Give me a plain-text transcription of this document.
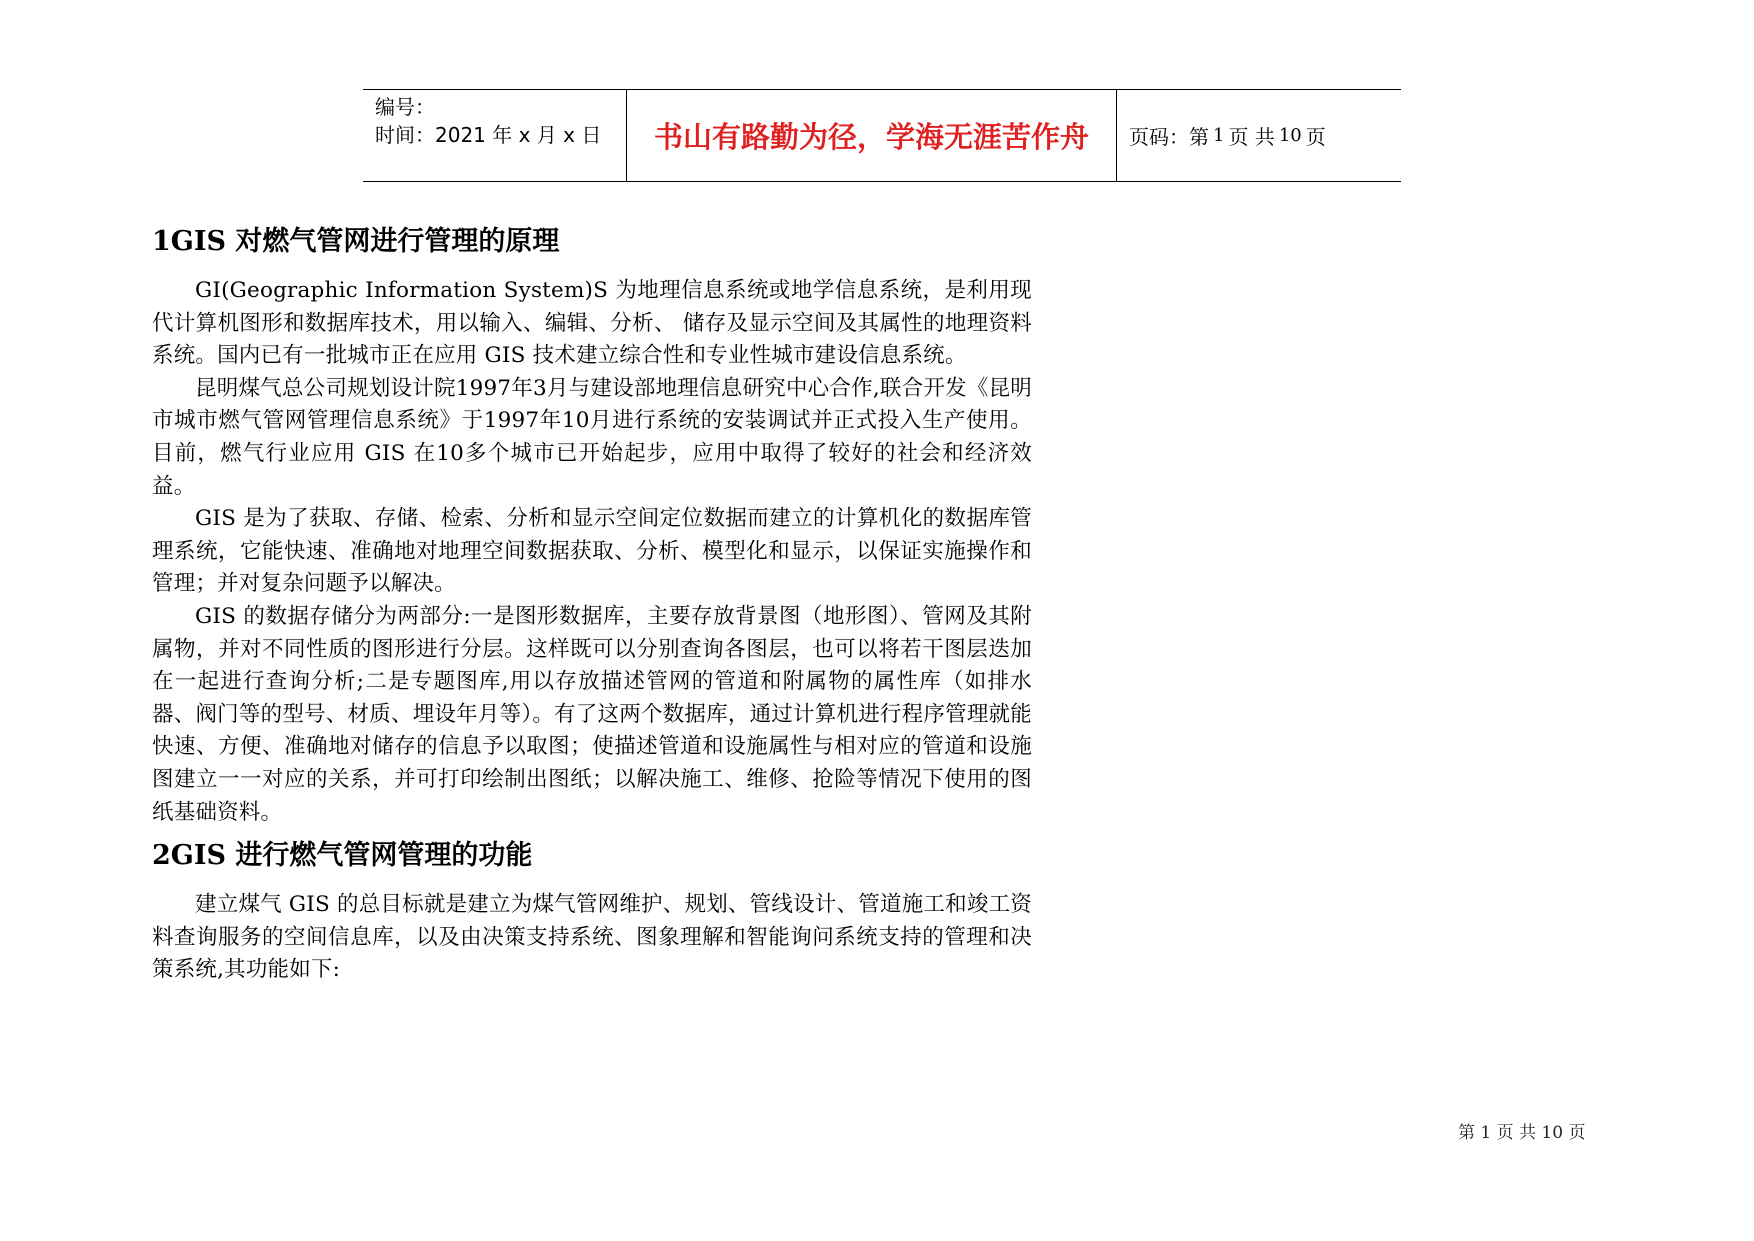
编号：
时间：2021 年 x 月 x 日	书山有路勤为径，学海无涯苦作舟 页码：第 1 页 共 10 页
1GIS 对燃气管网进行管理的原理

GI(Geographic Information System)S 为地理信息系统或地学信息系统，是利用现代计算机图形和数据库技术，用以输入、编辑、分析、 储存及显示空间及其属性的地理资料系统。国内已有一批城市正在应用 GIS 技术建立综合性和专业性城市建设信息系统。

昆明煤气总公司规划设计院1997年3月与建设部地理信息研究中心合作,联合开发《昆明市城市燃气管网管理信息系统》于1997年10月进行系统的安装调试并正式投入生产使用。目前，燃气行业应用 GIS 在10多个城市已开始起步，应用中取得了较好的社会和经济效益。

GIS 是为了获取、存储、检索、分析和显示空间定位数据而建立的计算机化的数据库管理系统，它能快速、准确地对地理空间数据获取、分析、模型化和显示，以保证实施操作和管理；并对复杂问题予以解决。

GIS 的数据存储分为两部分:一是图形数据库，主要存放背景图（地形图）、管网及其附属物，并对不同性质的图形进行分层。这样既可以分别查询各图层，也可以将若干图层迭加在一起进行查询分析;二是专题图库,用以存放描述管网的管道和附属物的属性库（如排水器、阀门等的型号、材质、埋设年月等）。有了这两个数据库，通过计算机进行程序管理就能快速、方便、准确地对储存的信息予以取图；使描述管道和设施属性与相对应的管道和设施图建立一一对应的关系，并可打印绘制出图纸；以解决施工、维修、抢险等情况下使用的图纸基础资料。

2GIS 进行燃气管网管理的功能

建立煤气 GIS 的总目标就是建立为煤气管网维护、规划、管线设计、管道施工和竣工资料查询服务的空间信息库，以及由决策支持系统、图象理解和智能询问系统支持的管理和决策系统,其功能如下:

第 1 页 共 10 页
